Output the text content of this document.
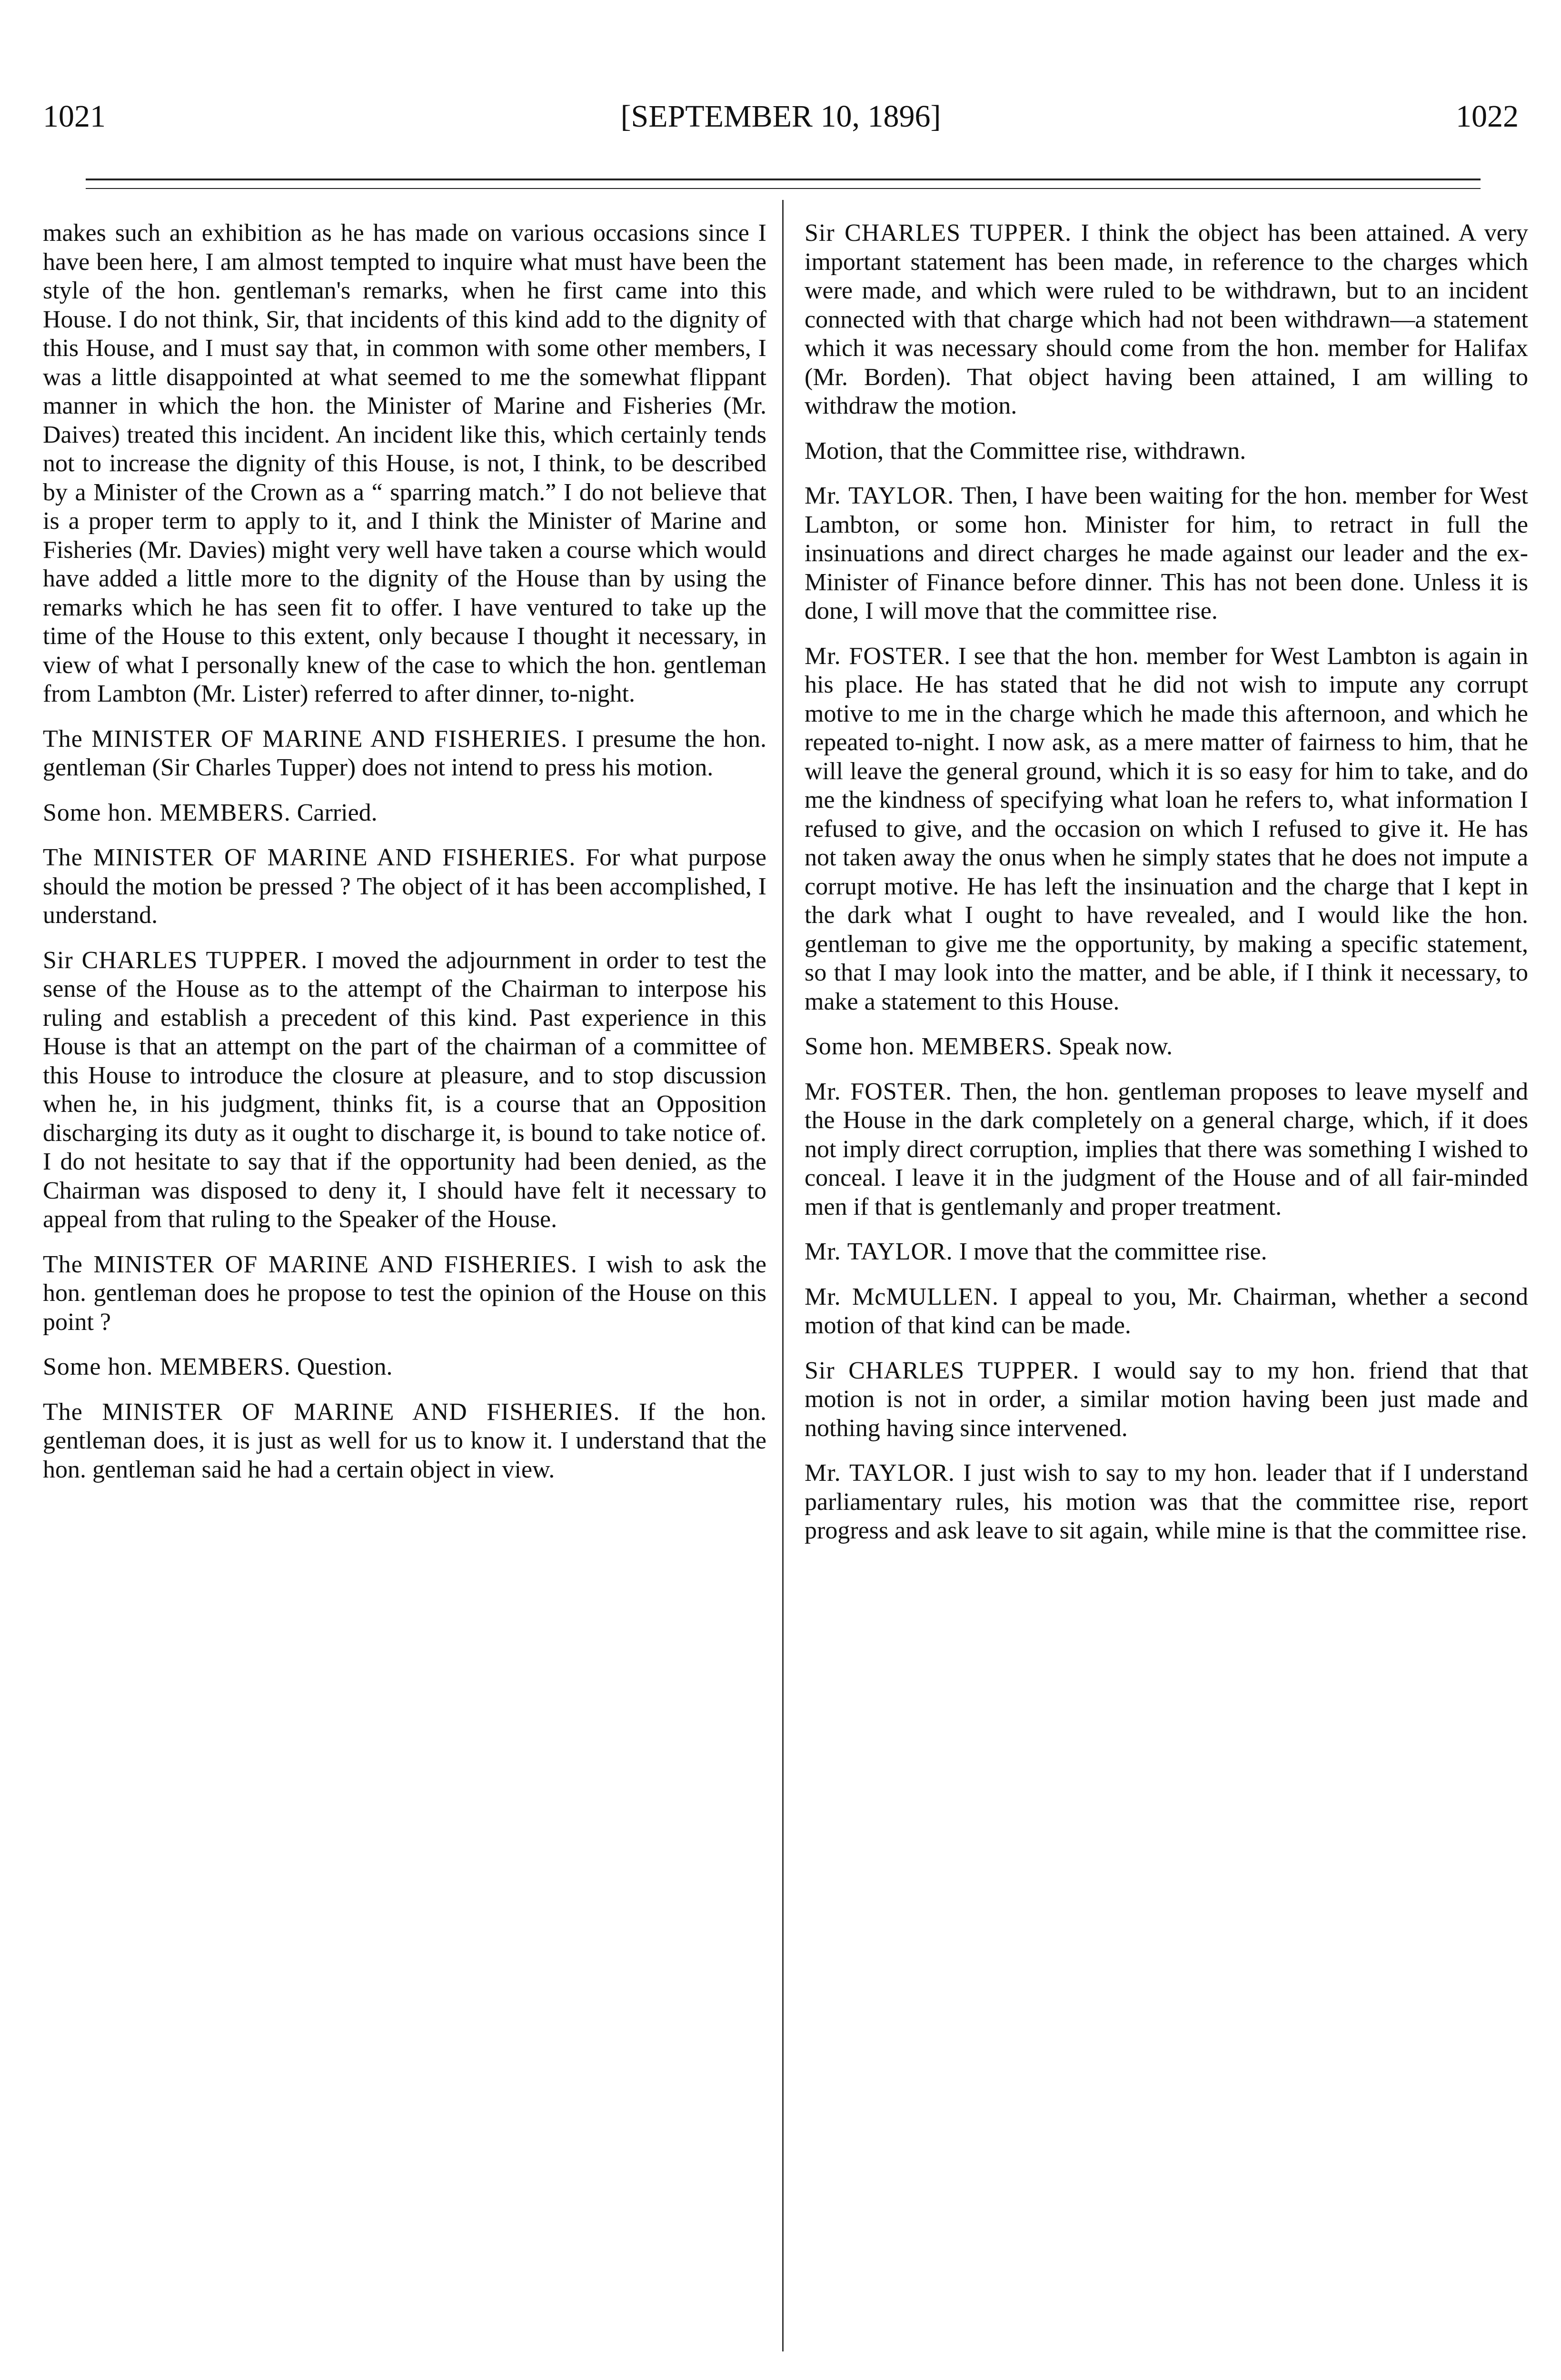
1021	[SEPTEMBER 10, 1896]	1022

makes such an exhibition as he has made on various occasions since I have been here, I am almost tempted to inquire what must have been the style of the hon. gentleman's remarks, when he first came into this House. I do not think, Sir, that incidents of this kind add to the dignity of this House, and I must say that, in common with some other members, I was a little disappointed at what seemed to me the somewhat flippant manner in which the hon. the Minister of Marine and Fisheries (Mr. Daives) treated this incident. An incident like this, which certainly tends not to increase the dignity of this House, is not, I think, to be described by a Minister of the Crown as a “ sparring match.” I do not believe that is a proper term to apply to it, and I think the Minister of Marine and Fisheries (Mr. Davies) might very well have taken a course which would have added a little more to the dignity of the House than by using the remarks which he has seen fit to offer. I have ventured to take up the time of the House to this extent, only because I thought it necessary, in view of what I personally knew of the case to which the hon. gentleman from Lambton (Mr. Lister) referred to after dinner, to-night.

The MINISTER OF MARINE AND FISHERIES. I presume the hon. gentleman (Sir Charles Tupper) does not intend to press his motion.

Some hon. MEMBERS. Carried.

The MINISTER OF MARINE AND FISHERIES. For what purpose should the motion be pressed ? The object of it has been accomplished, I understand.

Sir CHARLES TUPPER. I moved the adjournment in order to test the sense of the House as to the attempt of the Chairman to interpose his ruling and establish a precedent of this kind. Past experience in this House is that an attempt on the part of the chairman of a committee of this House to introduce the closure at pleasure, and to stop discussion when he, in his judgment, thinks fit, is a course that an Opposition discharging its duty as it ought to discharge it, is bound to take notice of. I do not hesitate to say that if the opportunity had been denied, as the Chairman was disposed to deny it, I should have felt it necessary to appeal from that ruling to the Speaker of the House.

The MINISTER OF MARINE AND FISHERIES. I wish to ask the hon. gentleman does he propose to test the opinion of the House on this point ?

Some hon. MEMBERS. Question.

The MINISTER OF MARINE AND FISHERIES. If the hon. gentleman does, it is just as well for us to know it. I understand that the hon. gentleman said he had a certain object in view.

Sir CHARLES TUPPER. I think the object has been attained. A very important statement has been made, in reference to the charges which were made, and which were ruled to be withdrawn, but to an incident connected with that charge which had not been withdrawn—a statement which it was necessary should come from the hon. member for Halifax (Mr. Borden). That object having been attained, I am willing to withdraw the motion.

Motion, that the Committee rise, withdrawn.

Mr. TAYLOR. Then, I have been waiting for the hon. member for West Lambton, or some hon. Minister for him, to retract in full the insinuations and direct charges he made against our leader and the ex-Minister of Finance before dinner. This has not been done. Unless it is done, I will move that the committee rise.

Mr. FOSTER. I see that the hon. member for West Lambton is again in his place. He has stated that he did not wish to impute any corrupt motive to me in the charge which he made this afternoon, and which he repeated to-night. I now ask, as a mere matter of fairness to him, that he will leave the general ground, which it is so easy for him to take, and do me the kindness of specifying what loan he refers to, what information I refused to give, and the occasion on which I refused to give it. He has not taken away the onus when he simply states that he does not impute a corrupt motive. He has left the insinuation and the charge that I kept in the dark what I ought to have revealed, and I would like the hon. gentleman to give me the opportunity, by making a specific statement, so that I may look into the matter, and be able, if I think it necessary, to make a statement to this House.

Some hon. MEMBERS. Speak now.

Mr. FOSTER. Then, the hon. gentleman proposes to leave myself and the House in the dark completely on a general charge, which, if it does not imply direct corruption, implies that there was something I wished to conceal. I leave it in the judgment of the House and of all fair-minded men if that is gentlemanly and proper treatment.

Mr. TAYLOR. I move that the committee rise.

Mr. McMULLEN. I appeal to you, Mr. Chairman, whether a second motion of that kind can be made.

Sir CHARLES TUPPER. I would say to my hon. friend that that motion is not in order, a similar motion having been just made and nothing having since intervened.

Mr. TAYLOR. I just wish to say to my hon. leader that if I understand parliamentary rules, his motion was that the committee rise, report progress and ask leave to sit again, while mine is that the committee rise.
